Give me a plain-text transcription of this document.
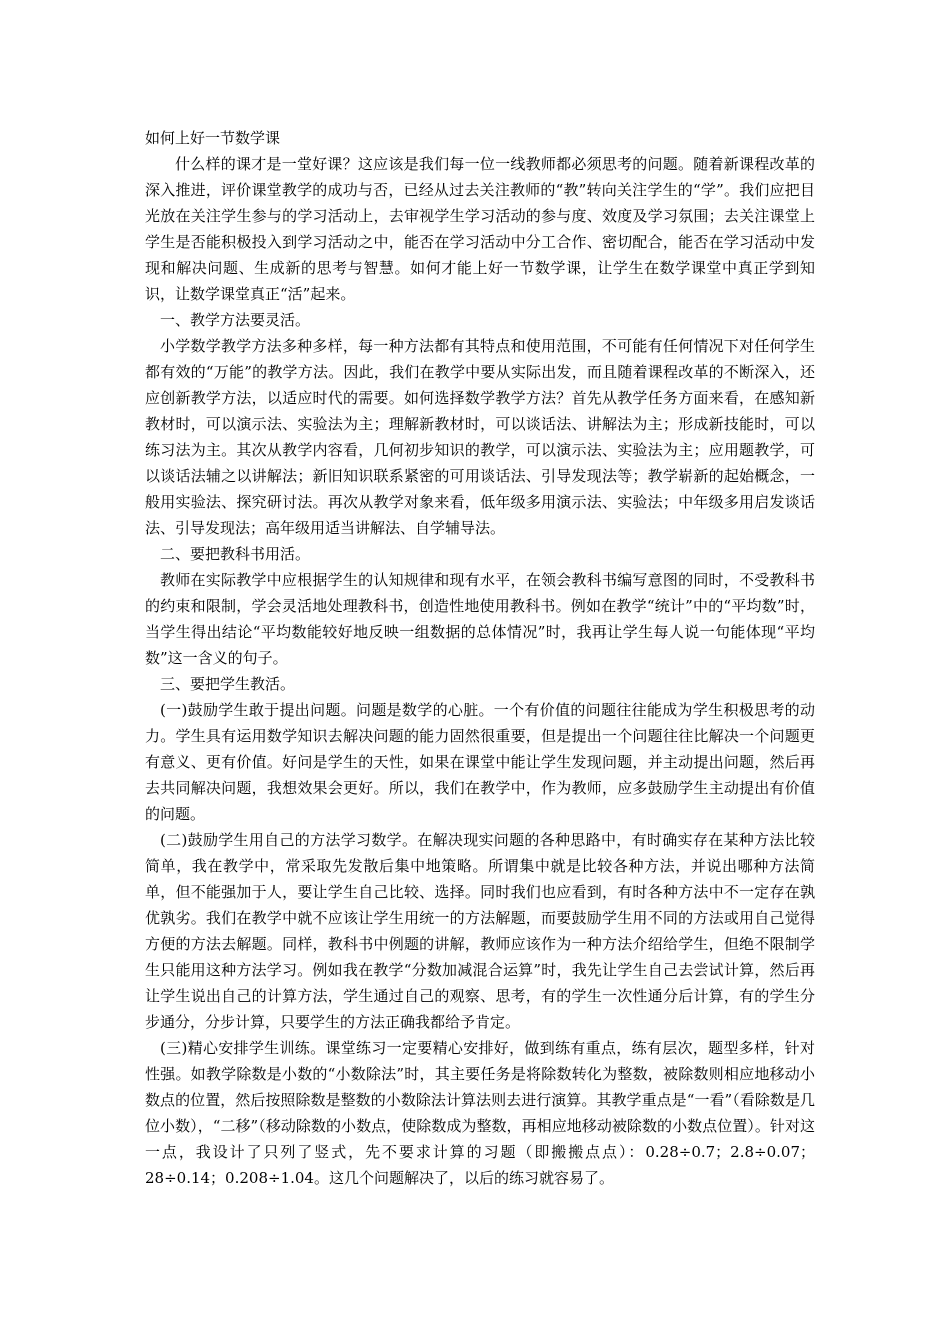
如何上好一节数学课

什么样的课才是一堂好课？这应该是我们每一位一线教师都必须思考的问题。随着新课程改革的深入推进，评价课堂教学的成功与否，已经从过去关注教师的“教”转向关注学生的“学”。我们应把目光放在关注学生参与的学习活动上，去审视学生学习活动的参与度、效度及学习氛围；去关注课堂上学生是否能积极投入到学习活动之中，能否在学习活动中分工合作、密切配合，能否在学习活动中发现和解决问题、生成新的思考与智慧。如何才能上好一节数学课，让学生在数学课堂中真正学到知识，让数学课堂真正“活”起来。

一、教学方法要灵活。

小学数学教学方法多种多样，每一种方法都有其特点和使用范围，不可能有任何情况下对任何学生都有效的“万能”的教学方法。因此，我们在教学中要从实际出发，而且随着课程改革的不断深入，还应创新教学方法，以适应时代的需要。如何选择数学教学方法？首先从教学任务方面来看，在感知新教材时，可以演示法、实验法为主；理解新教材时，可以谈话法、讲解法为主；形成新技能时，可以练习法为主。其次从教学内容看，几何初步知识的教学，可以演示法、实验法为主；应用题教学，可以谈话法辅之以讲解法；新旧知识联系紧密的可用谈话法、引导发现法等；教学崭新的起始概念，一般用实验法、探究研讨法。再次从教学对象来看，低年级多用演示法、实验法；中年级多用启发谈话法、引导发现法；高年级用适当讲解法、自学辅导法。

二、要把教科书用活。

教师在实际教学中应根据学生的认知规律和现有水平，在领会教科书编写意图的同时，不受教科书的约束和限制，学会灵活地处理教科书，创造性地使用教科书。例如在教学“统计”中的“平均数”时，当学生得出结论“平均数能较好地反映一组数据的总体情况”时，我再让学生每人说一句能体现“平均数”这一含义的句子。

三、要把学生教活。

(一)鼓励学生敢于提出问题。问题是数学的心脏。一个有价值的问题往往能成为学生积极思考的动力。学生具有运用数学知识去解决问题的能力固然很重要，但是提出一个问题往往比解决一个问题更有意义、更有价值。好问是学生的天性，如果在课堂中能让学生发现问题，并主动提出问题，然后再去共同解决问题，我想效果会更好。所以，我们在教学中，作为教师，应多鼓励学生主动提出有价值的问题。

(二)鼓励学生用自己的方法学习数学。在解决现实问题的各种思路中，有时确实存在某种方法比较简单，我在教学中，常采取先发散后集中地策略。所谓集中就是比较各种方法，并说出哪种方法简单，但不能强加于人，要让学生自己比较、选择。同时我们也应看到，有时各种方法中不一定存在孰优孰劣。我们在教学中就不应该让学生用统一的方法解题，而要鼓励学生用不同的方法或用自己觉得方便的方法去解题。同样，教科书中例题的讲解，教师应该作为一种方法介绍给学生，但绝不限制学生只能用这种方法学习。例如我在教学“分数加减混合运算”时，我先让学生自己去尝试计算，然后再让学生说出自己的计算方法，学生通过自己的观察、思考，有的学生一次性通分后计算，有的学生分步通分，分步计算，只要学生的方法正确我都给予肯定。

(三)精心安排学生训练。课堂练习一定要精心安排好，做到练有重点，练有层次，题型多样，针对性强。如教学除数是小数的“小数除法”时，其主要任务是将除数转化为整数，被除数则相应地移动小数点的位置，然后按照除数是整数的小数除法计算法则去进行演算。其教学重点是“一看”（看除数是几位小数），“二移”（移动除数的小数点，使除数成为整数，再相应地移动被除数的小数点位置）。针对这一点，我设计了只列了竖式，先不要求计算的习题（即搬搬点点）：0.28÷0.7；2.8÷0.07；28÷0.14；0.208÷1.04。这几个问题解决了，以后的练习就容易了。
